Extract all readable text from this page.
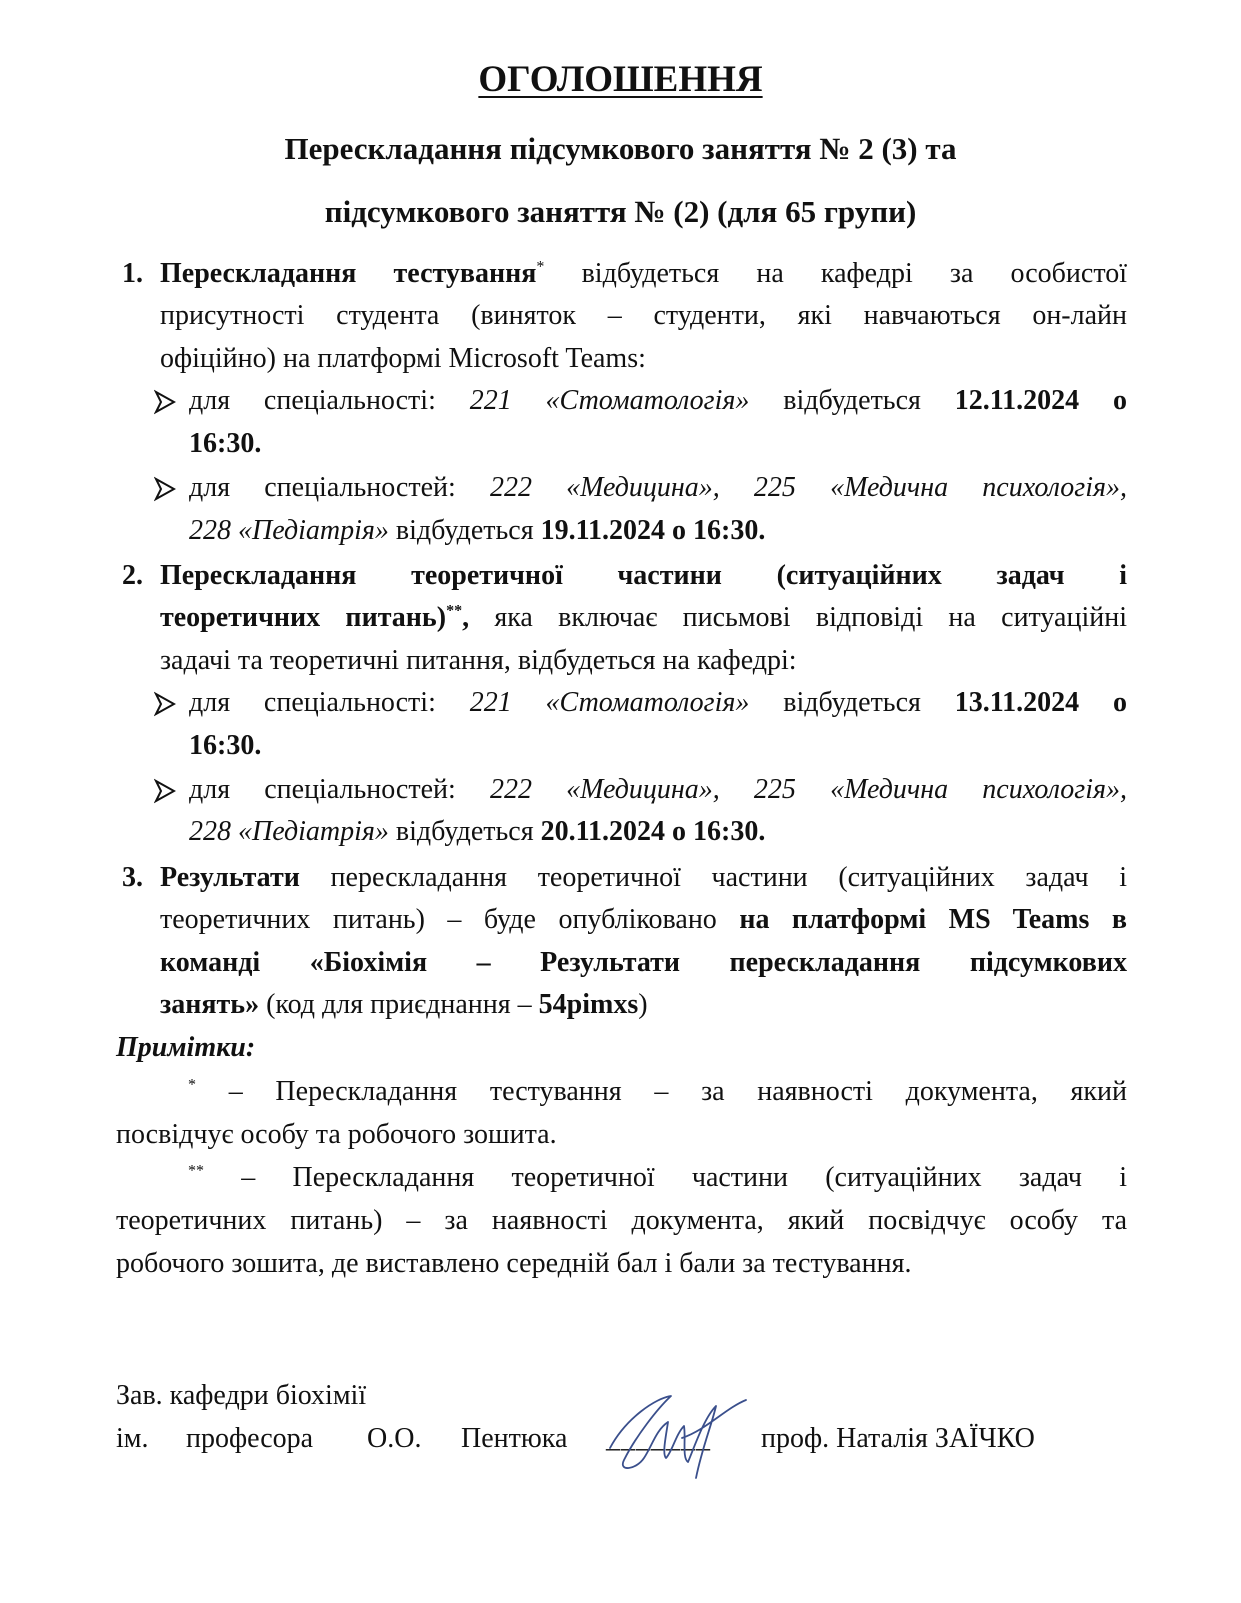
ОГОЛОШЕННЯ
Перескладання підсумкового заняття № 2 (3) та
підсумкового заняття № (2) (для 65 групи)
1. Перескладання тестування* відбудеться на кафедрі за особистої
присутності студента (виняток – студенти, які навчаються он-лайн
офіційно) на платформі Microsoft Teams:
для спеціальності: 221 «Стоматологія» відбудеться 12.11.2024 о
16:30.
для спеціальностей: 222 «Медицина», 225 «Медична психологія»,
228 «Педіатрія» відбудеться 19.11.2024 о 16:30.
2. Перескладання теоретичної частини (ситуаційних задач і
теоретичних питань)**, яка включає письмові відповіді на ситуаційні
задачі та теоретичні питання, відбудеться на кафедрі:
для спеціальності: 221 «Стоматологія» відбудеться 13.11.2024 о
16:30.
для спеціальностей: 222 «Медицина», 225 «Медична психологія»,
228 «Педіатрія» відбудеться 20.11.2024 о 16:30.
3. Результати перескладання теоретичної частини (ситуаційних задач і
теоретичних питань) – буде опубліковано на платформі MS Teams в
команді «Біохімія – Результати перескладання підсумкових
занять» (код для приєднання – 54pimxs)
Примітки:
* – Перескладання тестування – за наявності документа, який
посвідчує особу та робочого зошита.
** – Перескладання теоретичної частини (ситуаційних задач і
теоретичних питань) – за наявності документа, який посвідчує особу та
робочого зошита, де виставлено середній бал і бали за тестування.
Зав. кафедри біохімії
ім. професора О.О. Пентюка _______ проф. Наталія ЗАЇЧКО
